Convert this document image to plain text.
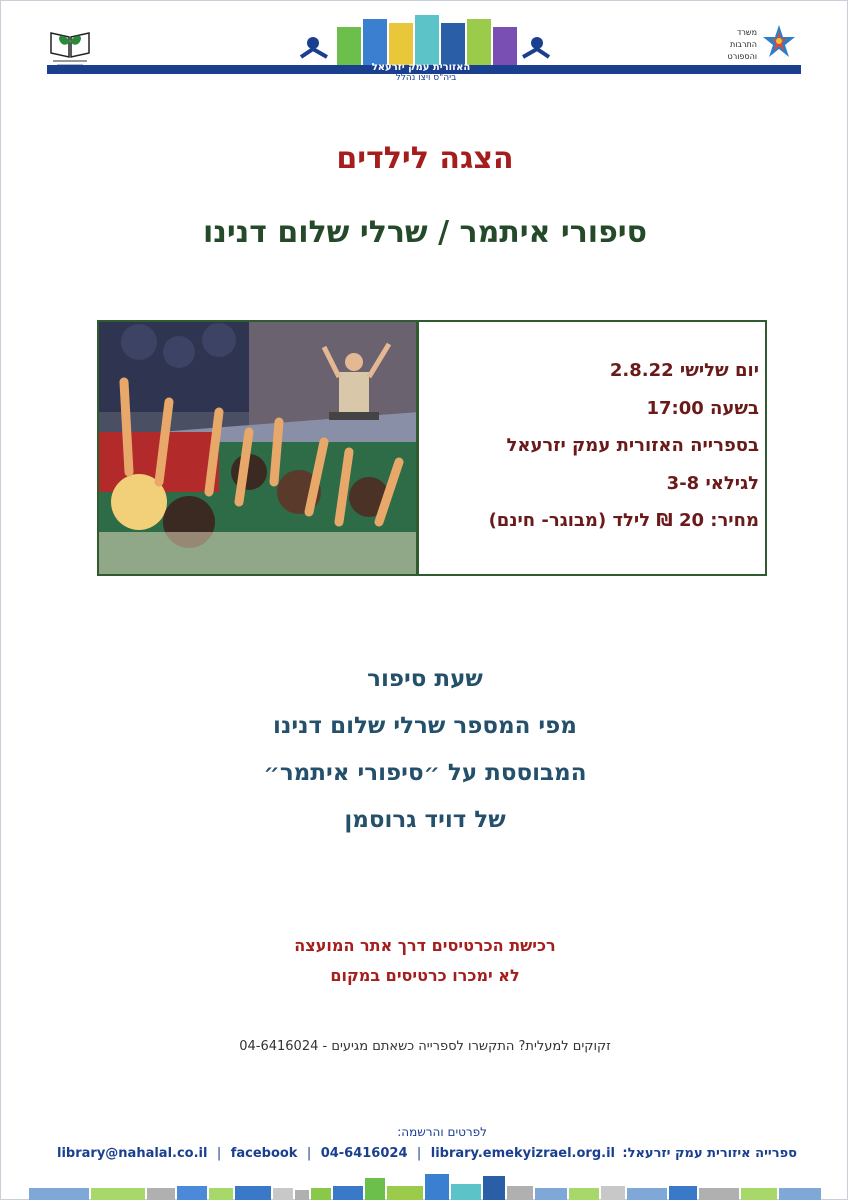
האזורית עמק יזרעאל
ביה"ס ויצו נהלל
משרד
התרבות
והספורט
הצגה לילדים
סיפורי איתמר / שרלי שלום דנינו
יום שלישי 2.8.22
בשעה 17:00
בספרייה האזורית עמק יזרעאל
לגילאי 3-8
מחיר: 20 ₪ לילד (מבוגר- חינם)
שעת סיפור
מפי המספר שרלי שלום דנינו
המבוססת על ״סיפורי איתמר״
של דויד גרוסמן
רכישת הכרטיסים דרך אתר המועצה
לא ימכרו כרטיסים במקום
זקוקים למעלית? התקשרו לספרייה כשאתם מגיעים - 04-6416024
לפרטים והרשמה:
ספרייה איזורית עמק יזרעאל:
library.emekyizrael.org.il
|
04-6416024
|
facebook
|
library@nahalal.co.il
